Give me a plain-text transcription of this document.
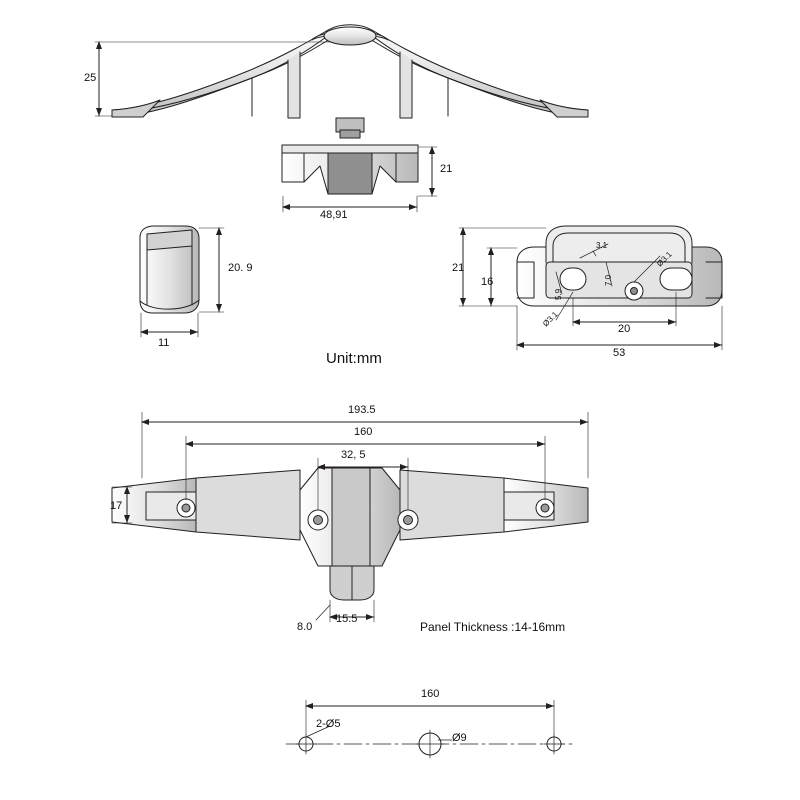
25
48,91
21
20. 9
11
21
16
3.1
Ø3.1
7.0
5.9
Ø3.1
20
53
Unit:mm
193.5
160
32, 5
17
8.0
15.5
Panel Thickness :14-16mm
160
2-Ø5
Ø9
